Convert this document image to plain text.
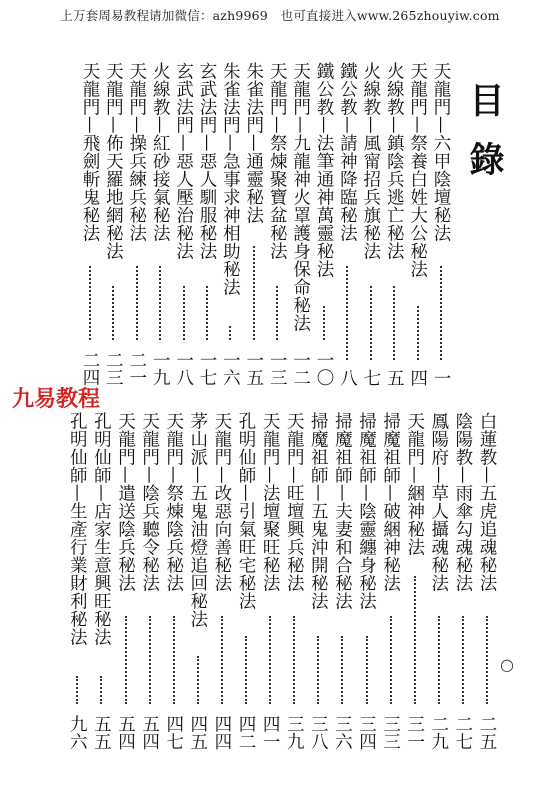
上万套周易教程请加微信：azh9969　也可直接进入www.265zhouyiw.com
目錄
九易教程
○
天龍門—六甲陰壇秘法
一
天龍門—祭養白姓大公秘法
四
火線教—鎮陰兵逃亡秘法
五
火線教—風甯招兵旗秘法
七
鐵公教—請神降臨秘法
八
鐵公教—法筆通神萬靈秘法
一〇
天龍門—九龍神火罩護身保命秘法
一二
天龍門—祭煉聚寶盆秘法
一三
朱雀法門—通靈秘法
一五
朱雀法門—急事求神相助秘法
一六
玄武法門—惡人馴服秘法
一七
玄武法門—惡人壓治秘法
一八
火線教—紅砂接氣秘法
一九
天龍門—操兵練兵秘法
二一
天龍門—佈天羅地網秘法
二三
天龍門—飛劍斬鬼秘法
二四
白蓮教—五虎追魂秘法
二五
陰陽教—雨傘勾魂秘法
二七
鳳陽府—草人攝魂秘法
二九
天龍門—綑神秘法
三一
掃魔祖師—破綑神秘法
三三
掃魔祖師—陰靈纏身秘法
三四
掃魔祖師—夫妻和合秘法
三六
掃魔祖師—五鬼沖開秘法
三八
天龍門—旺壇興兵秘法
三九
天龍門—法壇聚旺秘法
四一
孔明仙師—引氣旺宅秘法
四二
天龍門—改惡向善秘法
四四
茅山派—五鬼油燈追回秘法
四五
天龍門—祭煉陰兵秘法
四七
天龍門—陰兵聽令秘法
五四
天龍門—遣送陰兵秘法
五四
孔明仙師—店家生意興旺秘法
五五
孔明仙師—生產行業財利秘法
九六
